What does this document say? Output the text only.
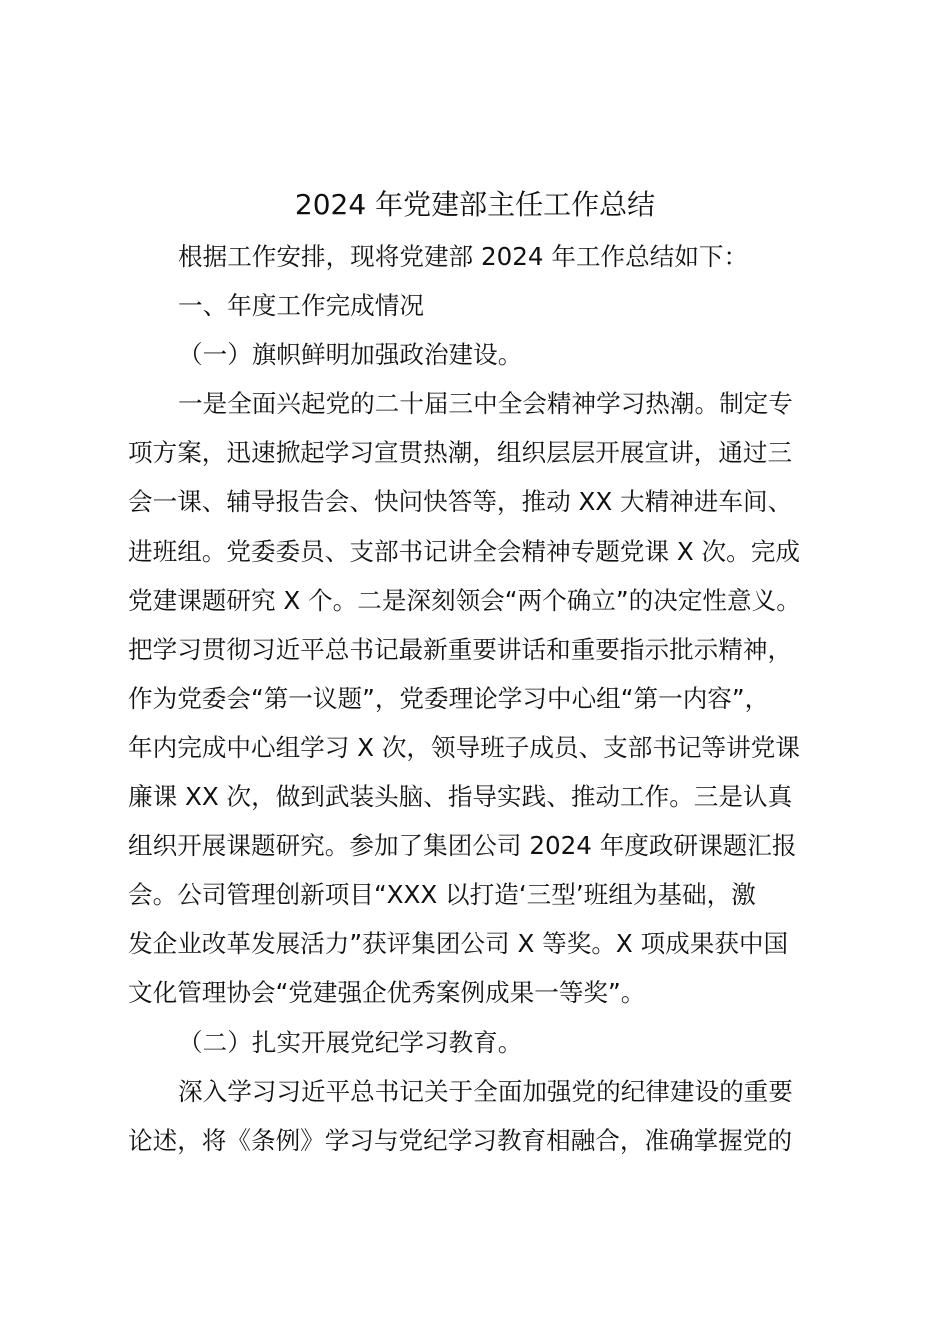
2024 年党建部主任工作总结
根据工作安排，现将党建部 2024 年工作总结如下：
一、年度工作完成情况
（一）旗帜鲜明加强政治建设。
一是全面兴起党的二十届三中全会精神学习热潮。制定专
项方案，迅速掀起学习宣贯热潮，组织层层开展宣讲，通过三
会一课、辅导报告会、快问快答等，推动 XX 大精神进车间、
进班组。党委委员、支部书记讲全会精神专题党课 X 次。完成
党建课题研究 X 个。二是深刻领会“两个确立”的决定性意义。
把学习贯彻习近平总书记最新重要讲话和重要指示批示精神，
作为党委会“第一议题”，党委理论学习中心组“第一内容”，
年内完成中心组学习 X 次，领导班子成员、支部书记等讲党课
廉课 XX 次，做到武装头脑、指导实践、推动工作。三是认真
组织开展课题研究。参加了集团公司 2024 年度政研课题汇报
会。公司管理创新项目“XXX 以打造‘三型’班组为基础，激
发企业改革发展活力”获评集团公司 X 等奖。X 项成果获中国
文化管理协会“党建强企优秀案例成果一等奖”。
（二）扎实开展党纪学习教育。
深入学习习近平总书记关于全面加强党的纪律建设的重要
论述，将《条例》学习与党纪学习教育相融合，准确掌握党的
